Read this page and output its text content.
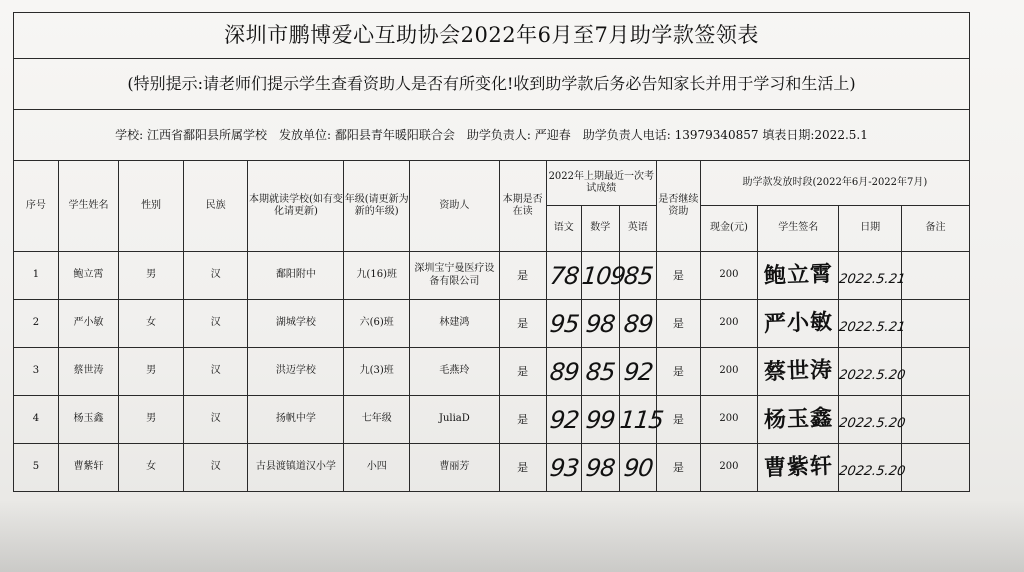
深圳市鹏博爱心互助协会2022年6月至7月助学款签领表															
(特别提示:请老师们提示学生查看资助人是否有所变化!收到助学款后务必告知家长并用于学习和生活上)															
学校: 江西省鄱阳县所属学校　发放单位: 鄱阳县青年暖阳联合会　助学负责人: 严迎春　助学负责人电话: 13979340857 填表日期:2022.5.1															
序号	学生姓名	性别	民族	本期就读学校(如有变化请更新)	年级(请更新为新的年级)	资助人	本期是否在读	2022年上期最近一次考试成绩			是否继续资助	助学款发放时段(2022年6月-2022年7月)			
								语文	数学	英语		现金(元)	学生签名	日期	备注
1	鲍立霄	男	汉	鄱阳附中	九(16)班	深圳宝宁曼医疗设备有限公司	是	78	109	85	是	200	鲍立霄	2022.5.21	
2	严小敏	女	汉	湖城学校	六(6)班	林建鸿	是	95	98	89	是	200	严小敏	2022.5.21	
3	蔡世涛	男	汉	洪迈学校	九(3)班	毛燕玲	是	89	85	92	是	200	蔡世涛	2022.5.20	
4	杨玉鑫	男	汉	扬帆中学	七年级	JuliaD	是	92	99	115	是	200	杨玉鑫	2022.5.20	
5	曹紫轩	女	汉	古县渡镇道汉小学	小四	曹丽芳	是	93	98	90	是	200	曹紫轩	2022.5.20	
